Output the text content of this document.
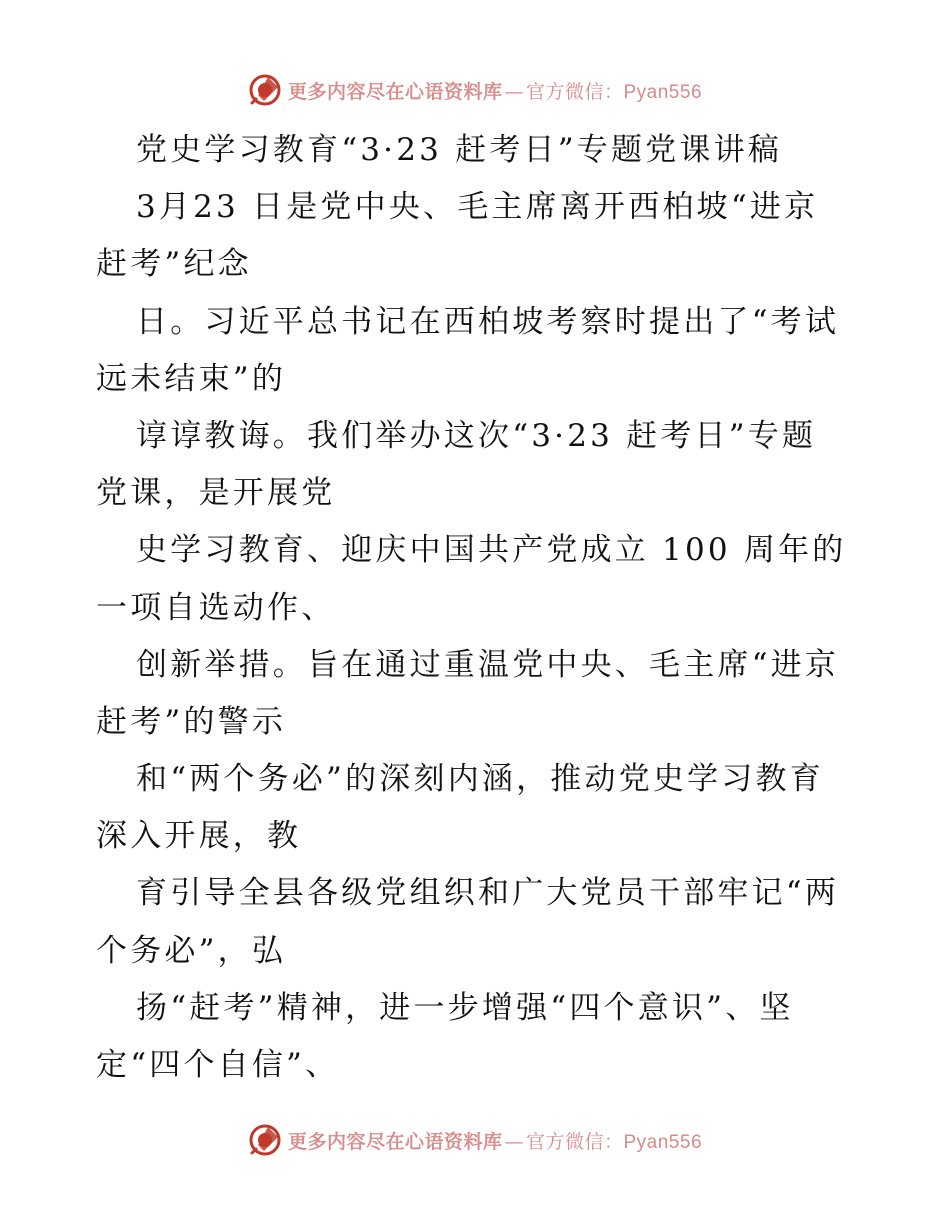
更多内容尽在心语资料库 — 官方微信：Pyan556
党史学习教育“3·23 赶考日”专题党课讲稿
3月23 日是党中央、毛主席离开西柏坡“进京
赶考”纪念
日。习近平总书记在西柏坡考察时提出了“考试
远未结束”的
谆谆教诲。我们举办这次“3·23 赶考日”专题
党课，是开展党
史学习教育、迎庆中国共产党成立 100 周年的
一项自选动作、
创新举措。旨在通过重温党中央、毛主席“进京
赶考”的警示
和“两个务必”的深刻内涵，推动党史学习教育
深入开展，教
育引导全县各级党组织和广大党员干部牢记“两
个务必”，弘
扬“赶考”精神，进一步增强“四个意识”、坚
定“四个自信”、
更多内容尽在心语资料库 — 官方微信：Pyan556
